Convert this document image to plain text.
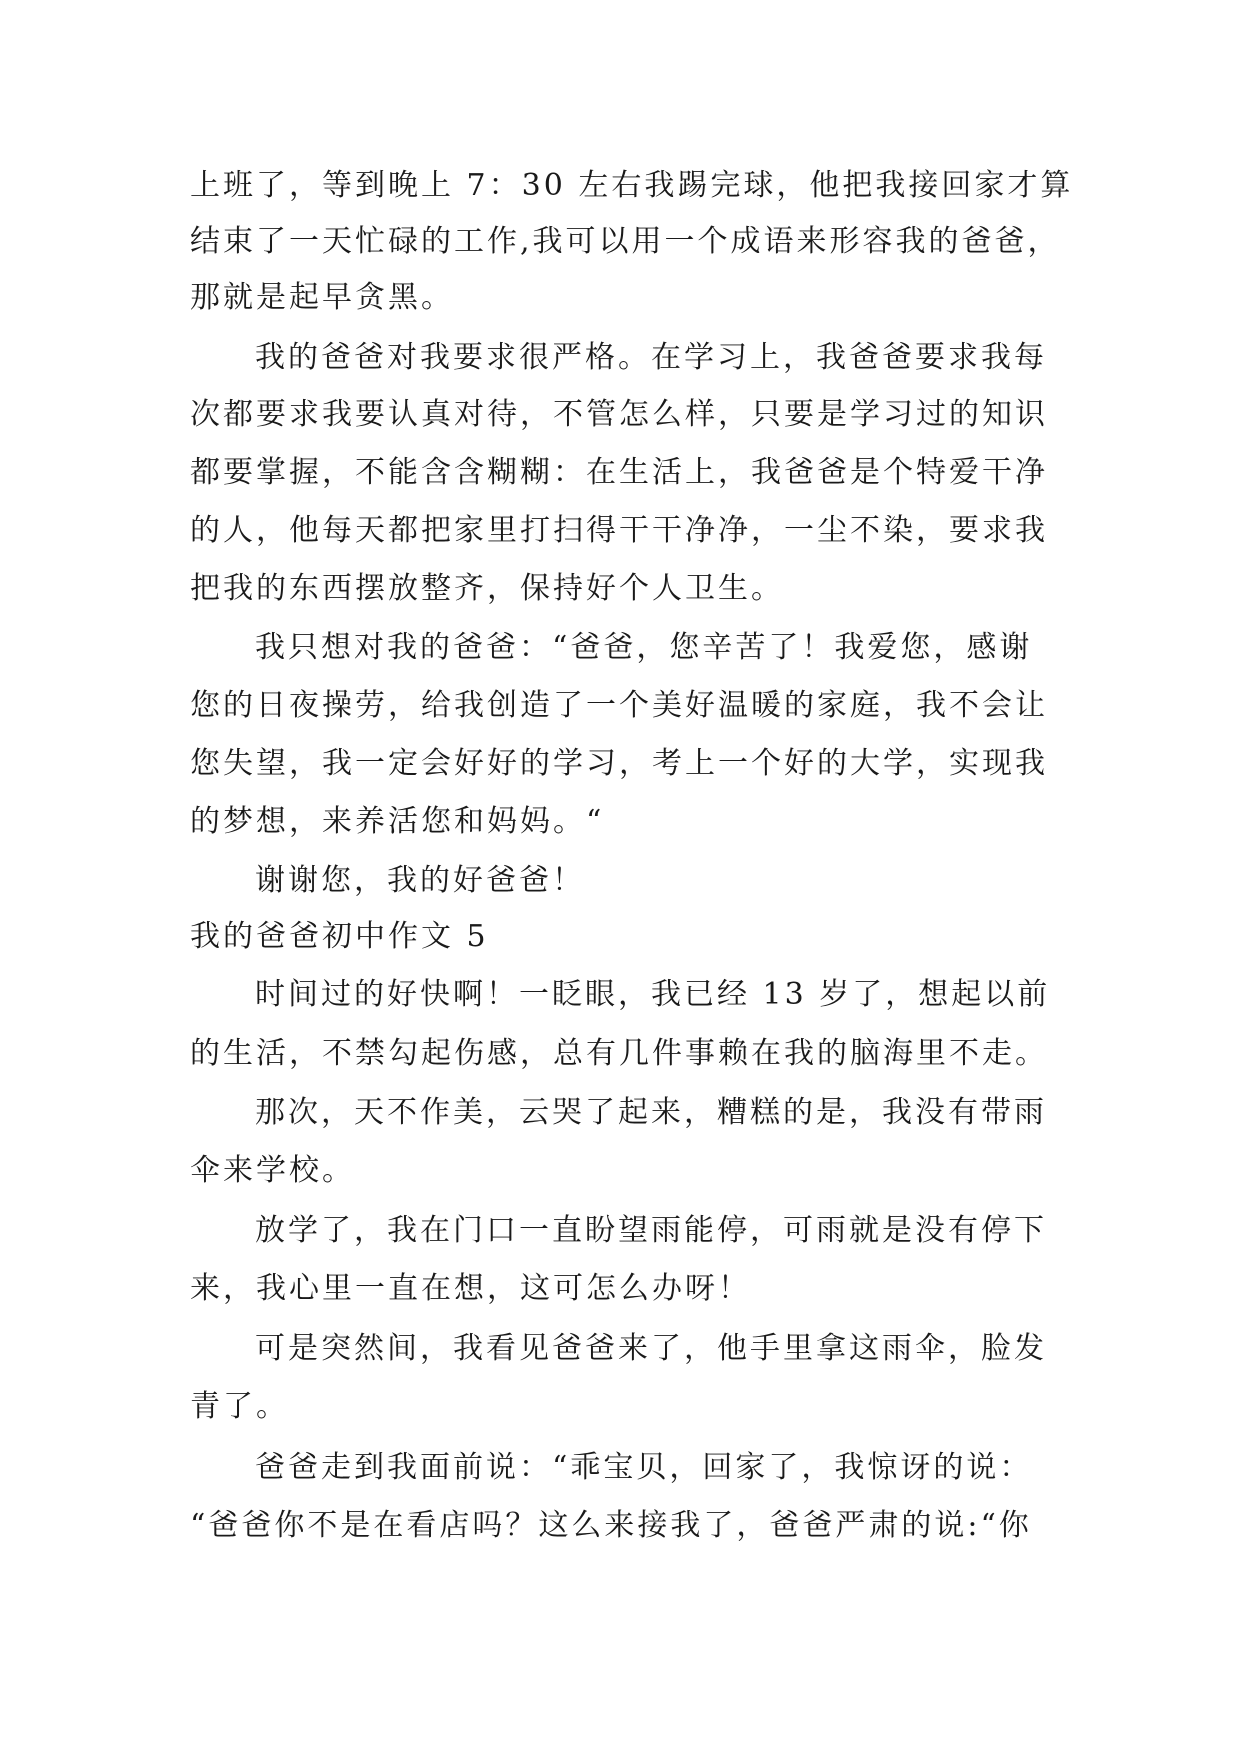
上班了，等到晚上 7：30 左右我踢完球，他把我接回家才算
结束了一天忙碌的工作,我可以用一个成语来形容我的爸爸，
那就是起早贪黑。
我的爸爸对我要求很严格。在学习上，我爸爸要求我每
次都要求我要认真对待，不管怎么样，只要是学习过的知识
都要掌握，不能含含糊糊：在生活上，我爸爸是个特爱干净
的人，他每天都把家里打扫得干干净净，一尘不染，要求我
把我的东西摆放整齐，保持好个人卫生。
我只想对我的爸爸：“爸爸，您辛苦了！我爱您，感谢
您的日夜操劳，给我创造了一个美好温暖的家庭，我不会让
您失望，我一定会好好的学习，考上一个好的大学，实现我
的梦想，来养活您和妈妈。“
谢谢您，我的好爸爸！
我的爸爸初中作文 5
时间过的好快啊！一眨眼，我已经 13 岁了，想起以前
的生活，不禁勾起伤感，总有几件事赖在我的脑海里不走。
那次，天不作美，云哭了起来，糟糕的是，我没有带雨
伞来学校。
放学了，我在门口一直盼望雨能停，可雨就是没有停下
来，我心里一直在想，这可怎么办呀！
可是突然间，我看见爸爸来了，他手里拿这雨伞，脸发
青了。
爸爸走到我面前说：“乖宝贝，回家了，我惊讶的说：
“爸爸你不是在看店吗？这么来接我了，爸爸严肃的说:“你
